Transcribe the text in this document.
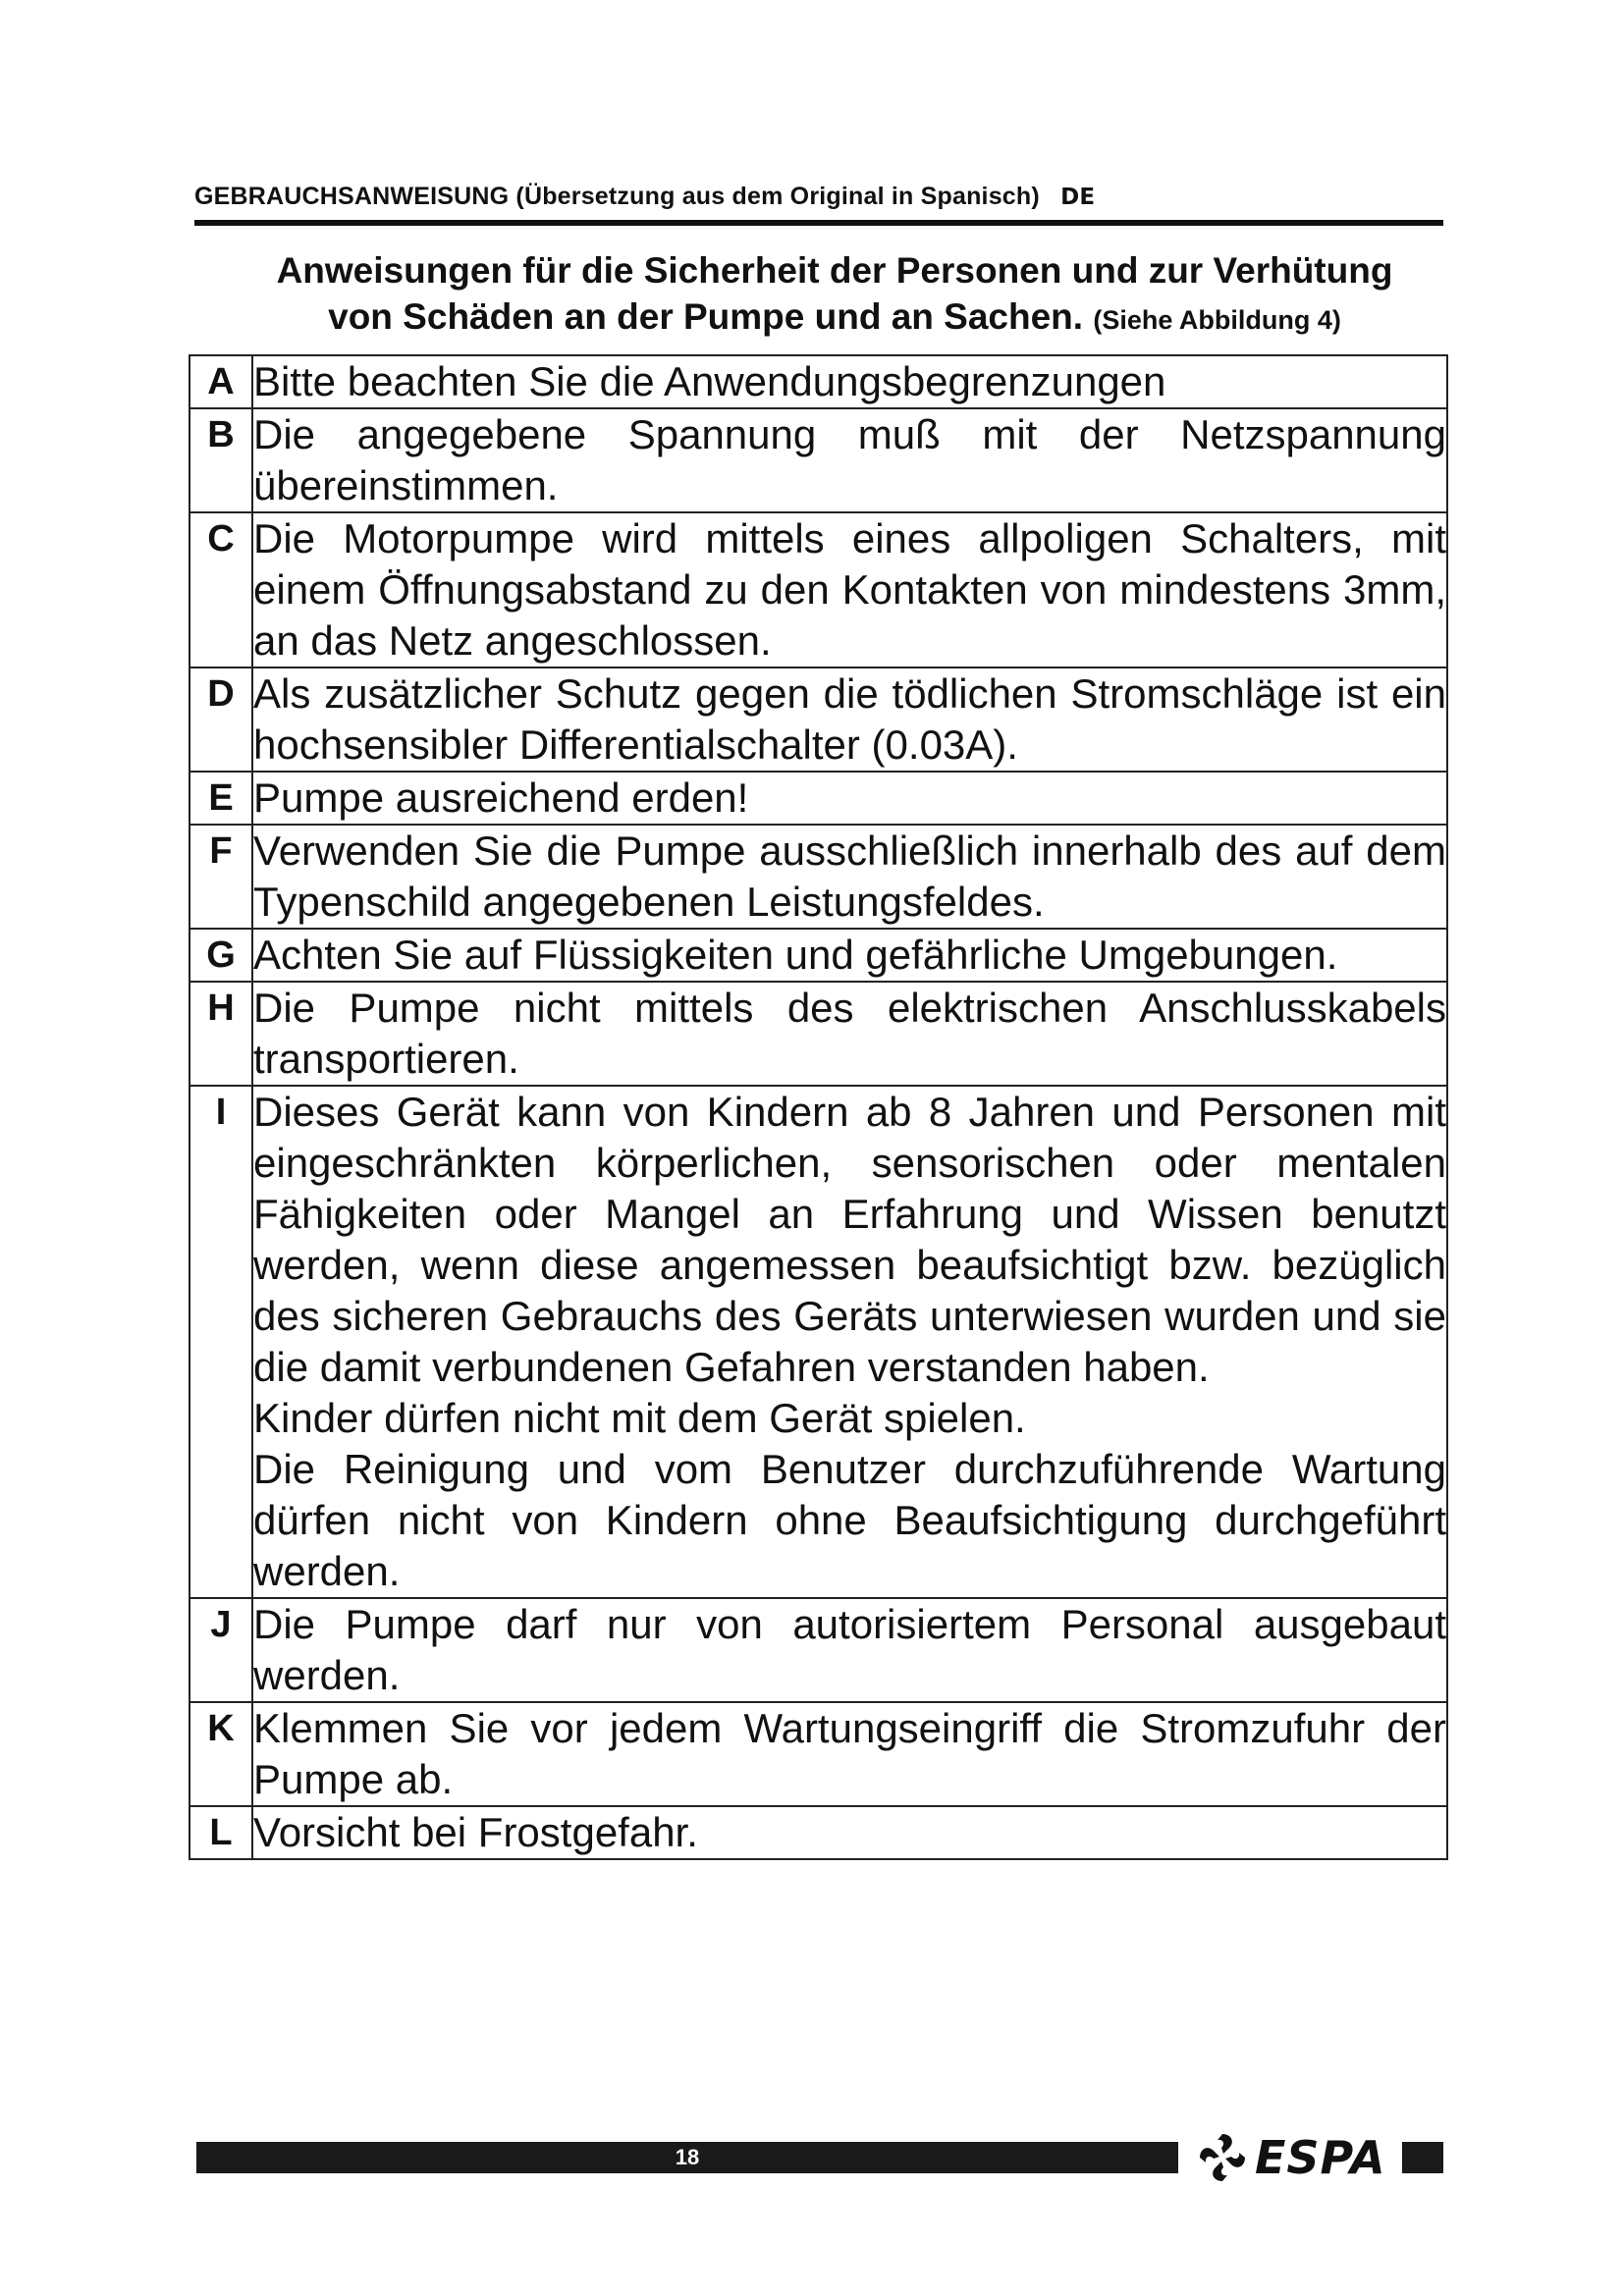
GEBRAUCHSANWEISUNG (Übersetzung aus dem Original in Spanisch) DE
Anweisungen für die Sicherheit der Personen und zur Verhütung
von Schäden an der Pumpe und an Sachen. (Siehe Abbildung 4)
A	Bitte beachten Sie die Anwendungsbegrenzungen

B	Die angegebene Spannung muß mit der Netzspannung übereinstimmen.

C	Die Motorpumpe wird mittels eines allpoligen Schalters, mit einem Öffnungsabstand zu den Kontakten von mindestens 3mm, an das Netz angeschlossen.

D	Als zusätzlicher Schutz gegen die tödlichen Stromschläge ist ein hochsensibler Differentialschalter (0.03A).

E	Pumpe ausreichend erden!

F	Verwenden Sie die Pumpe ausschließlich innerhalb des auf dem Typenschild angegebenen Leistungsfeldes.

G	Achten Sie auf Flüssigkeiten und gefährliche Umgebungen.

H	Die Pumpe nicht mittels des elektrischen Anschlusskabels transportieren.

I	Dieses Gerät kann von Kindern ab 8 Jahren und Personen mit eingeschränkten körperlichen, sensorischen oder mentalen Fähigkeiten oder Mangel an Erfahrung und Wissen benutzt werden, wenn diese angemessen beaufsichtigt bzw. bezüglich des sicheren Gebrauchs des Geräts unterwiesen wurden und sie die damit verbundenen Gefahren verstanden haben.

Kinder dürfen nicht mit dem Gerät spielen.

Die Reinigung und vom Benutzer durchzuführende Wartung dürfen nicht von Kindern ohne Beaufsichtigung durchgeführt werden.

J	Die Pumpe darf nur von autorisiertem Personal ausgebaut werden.

K	Klemmen Sie vor jedem Wartungseingriff die Stromzufuhr der Pumpe ab.

L	Vorsicht bei Frostgefahr.

18	ESPA
